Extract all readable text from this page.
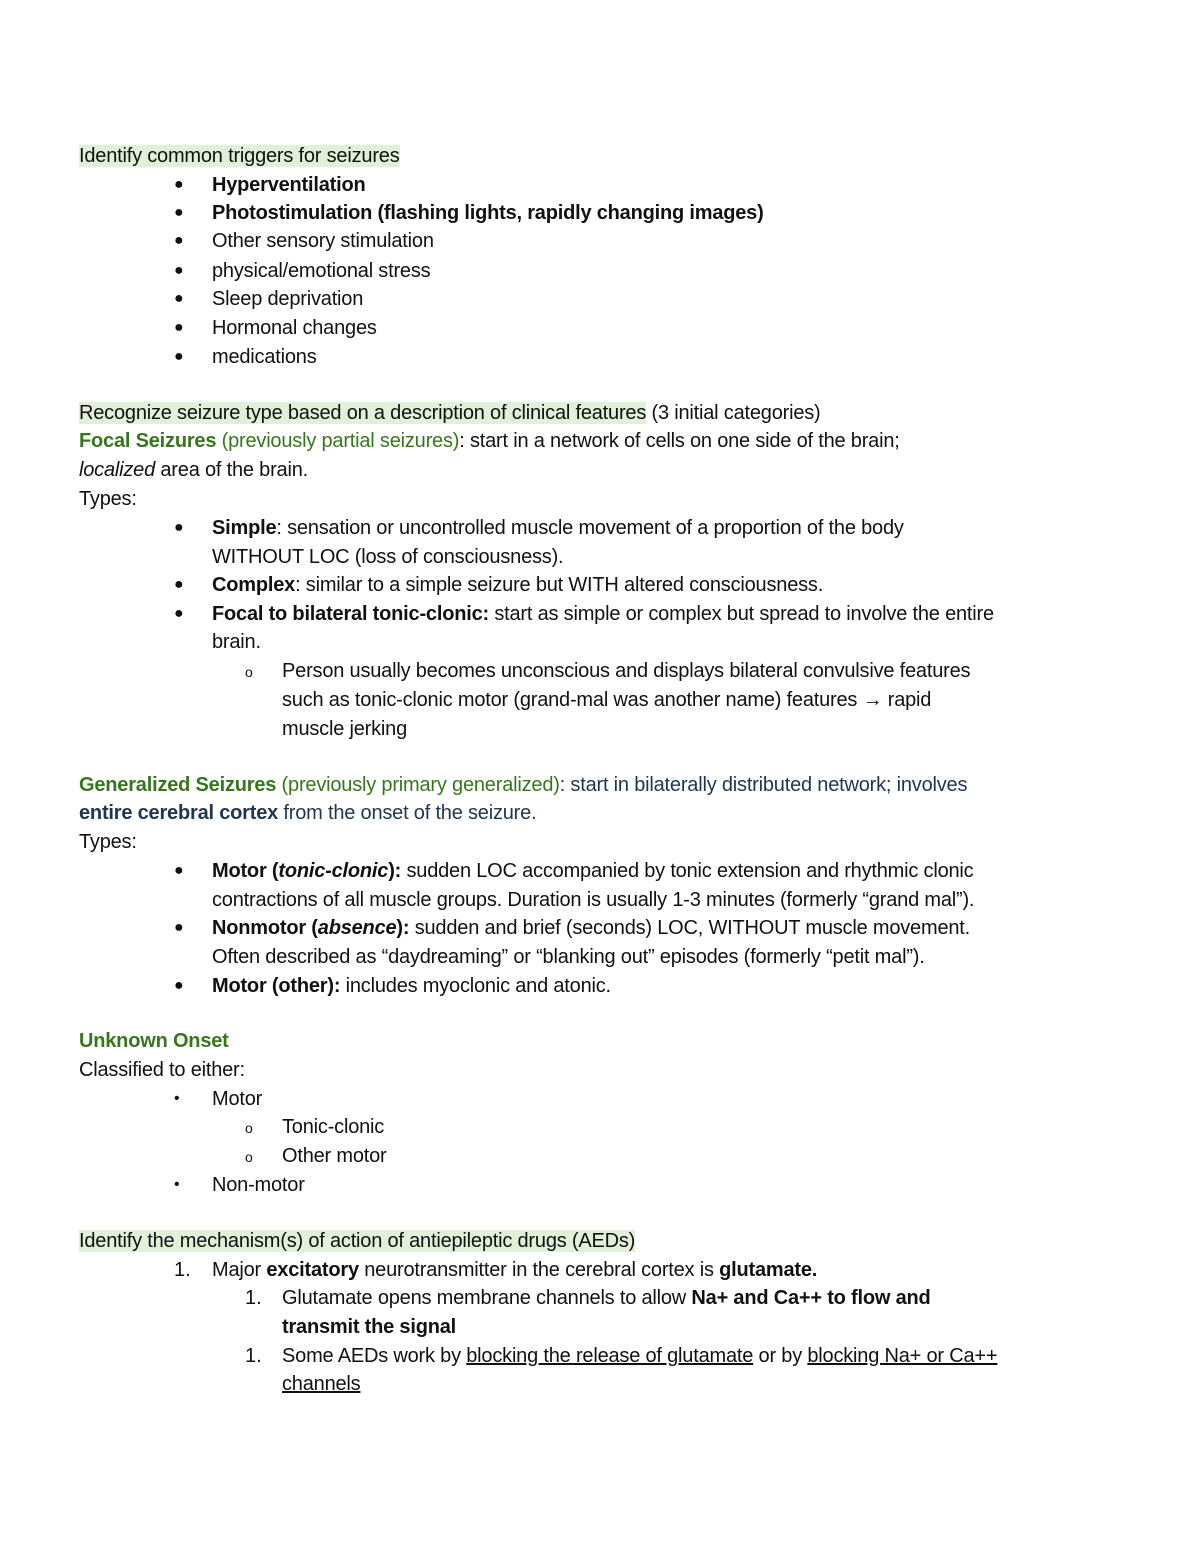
Identify common triggers for seizures
● Hyperventilation
● Photostimulation (flashing lights, rapidly changing images)
● Other sensory stimulation
● physical/emotional stress
● Sleep deprivation
● Hormonal changes
● medications
Recognize seizure type based on a description of clinical features (3 initial categories)
Focal Seizures (previously partial seizures): start in a network of cells on one side of the brain;
localized area of the brain.
Types:
● Simple: sensation or uncontrolled muscle movement of a proportion of the body
WITHOUT LOC (loss of consciousness).
● Complex: similar to a simple seizure but WITH altered consciousness.
● Focal to bilateral tonic-clonic: start as simple or complex but spread to involve the entire
brain.
o Person usually becomes unconscious and displays bilateral convulsive features
such as tonic-clonic motor (grand-mal was another name) features → rapid
muscle jerking
Generalized Seizures (previously primary generalized): start in bilaterally distributed network; involves
entire cerebral cortex from the onset of the seizure.
Types:
● Motor (tonic-clonic): sudden LOC accompanied by tonic extension and rhythmic clonic
contractions of all muscle groups. Duration is usually 1-3 minutes (formerly “grand mal”).
● Nonmotor (absence): sudden and brief (seconds) LOC, WITHOUT muscle movement.
Often described as “daydreaming” or “blanking out” episodes (formerly “petit mal”).
● Motor (other): includes myoclonic and atonic.
Unknown Onset
Classified to either:
• Motor
o Tonic-clonic
o Other motor
• Non-motor
Identify the mechanism(s) of action of antiepileptic drugs (AEDs)
1. Major excitatory neurotransmitter in the cerebral cortex is glutamate.
1. Glutamate opens membrane channels to allow Na+ and Ca++ to flow and
transmit the signal
1. Some AEDs work by blocking the release of glutamate or by blocking Na+ or Ca++
channels
